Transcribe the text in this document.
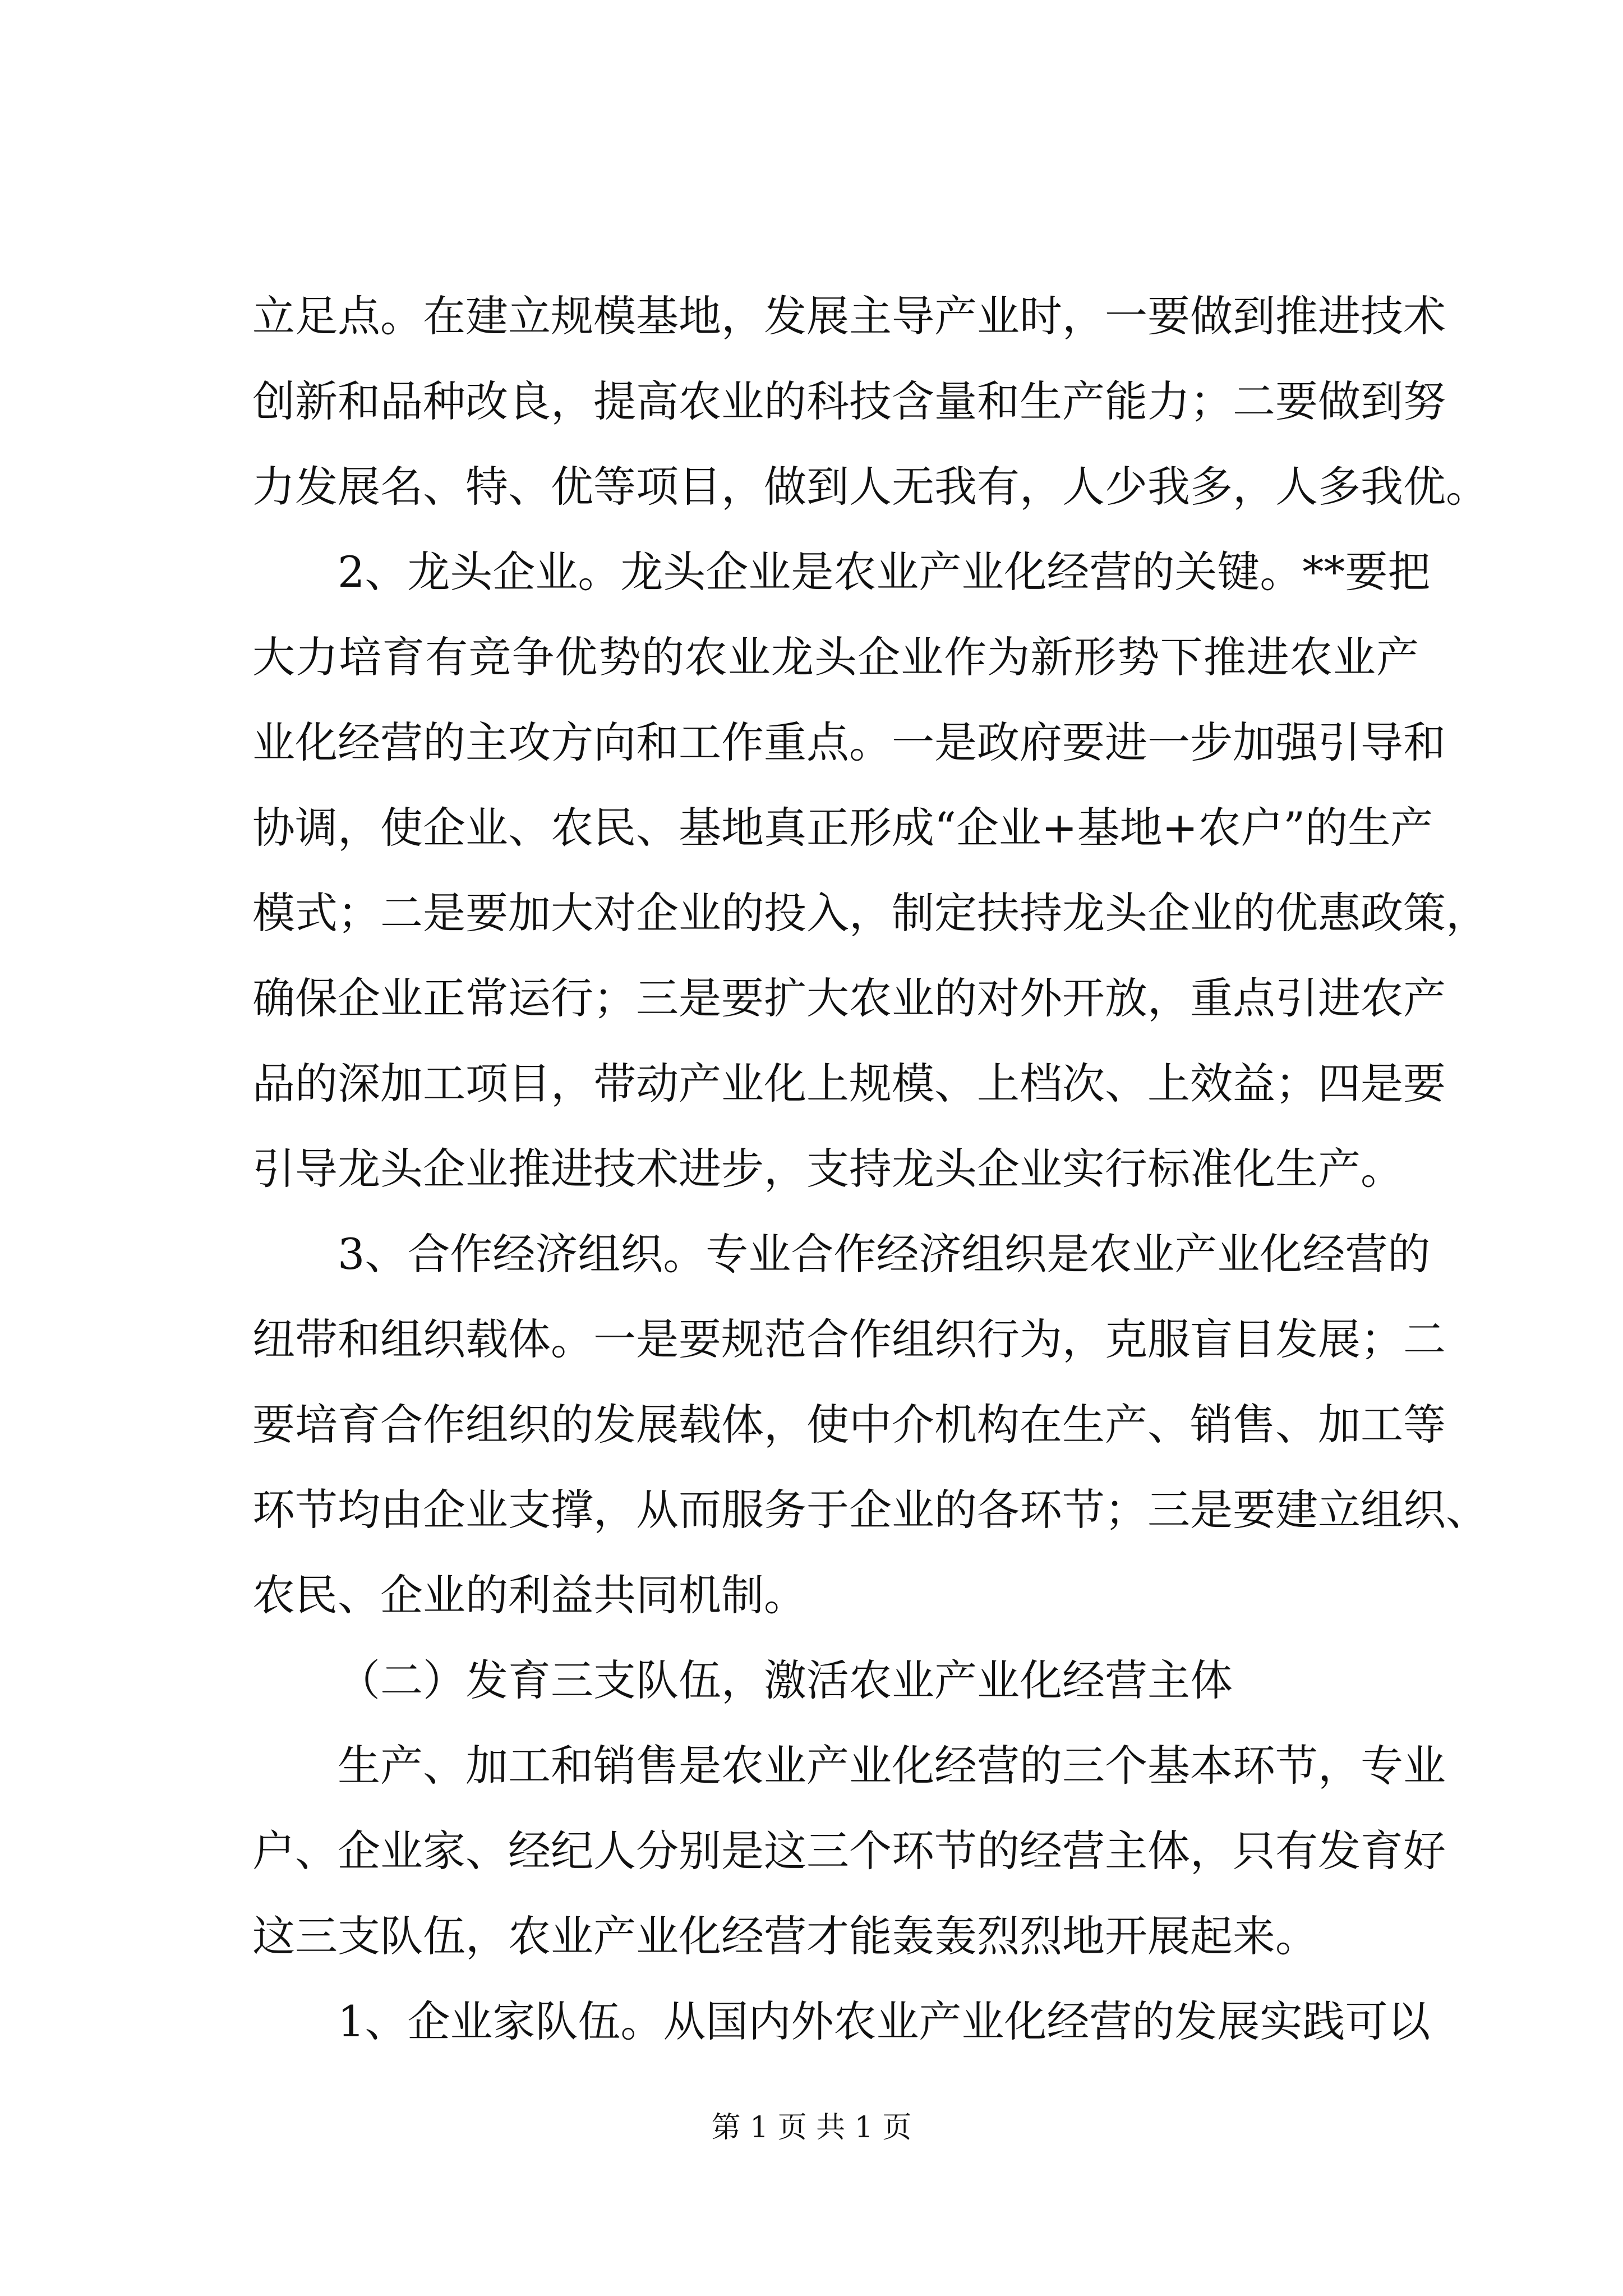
立足点。在建立规模基地，发展主导产业时，一要做到推进技术
创新和品种改良，提高农业的科技含量和生产能力；二要做到努
力发展名、特、优等项目，做到人无我有，人少我多，人多我优。
2、龙头企业。龙头企业是农业产业化经营的关键。**要把
大力培育有竞争优势的农业龙头企业作为新形势下推进农业产
业化经营的主攻方向和工作重点。一是政府要进一步加强引导和
协调，使企业、农民、基地真正形成“企业+基地+农户”的生产
模式；二是要加大对企业的投入，制定扶持龙头企业的优惠政策，
确保企业正常运行；三是要扩大农业的对外开放，重点引进农产
品的深加工项目，带动产业化上规模、上档次、上效益；四是要
引导龙头企业推进技术进步，支持龙头企业实行标准化生产。
3、合作经济组织。专业合作经济组织是农业产业化经营的
纽带和组织载体。一是要规范合作组织行为，克服盲目发展；二
要培育合作组织的发展载体，使中介机构在生产、销售、加工等
环节均由企业支撑，从而服务于企业的各环节；三是要建立组织、
农民、企业的利益共同机制。
（二）发育三支队伍，激活农业产业化经营主体
生产、加工和销售是农业产业化经营的三个基本环节，专业
户、企业家、经纪人分别是这三个环节的经营主体，只有发育好
这三支队伍，农业产业化经营才能轰轰烈烈地开展起来。
1、企业家队伍。从国内外农业产业化经营的发展实践可以
第 1 页 共 1 页
